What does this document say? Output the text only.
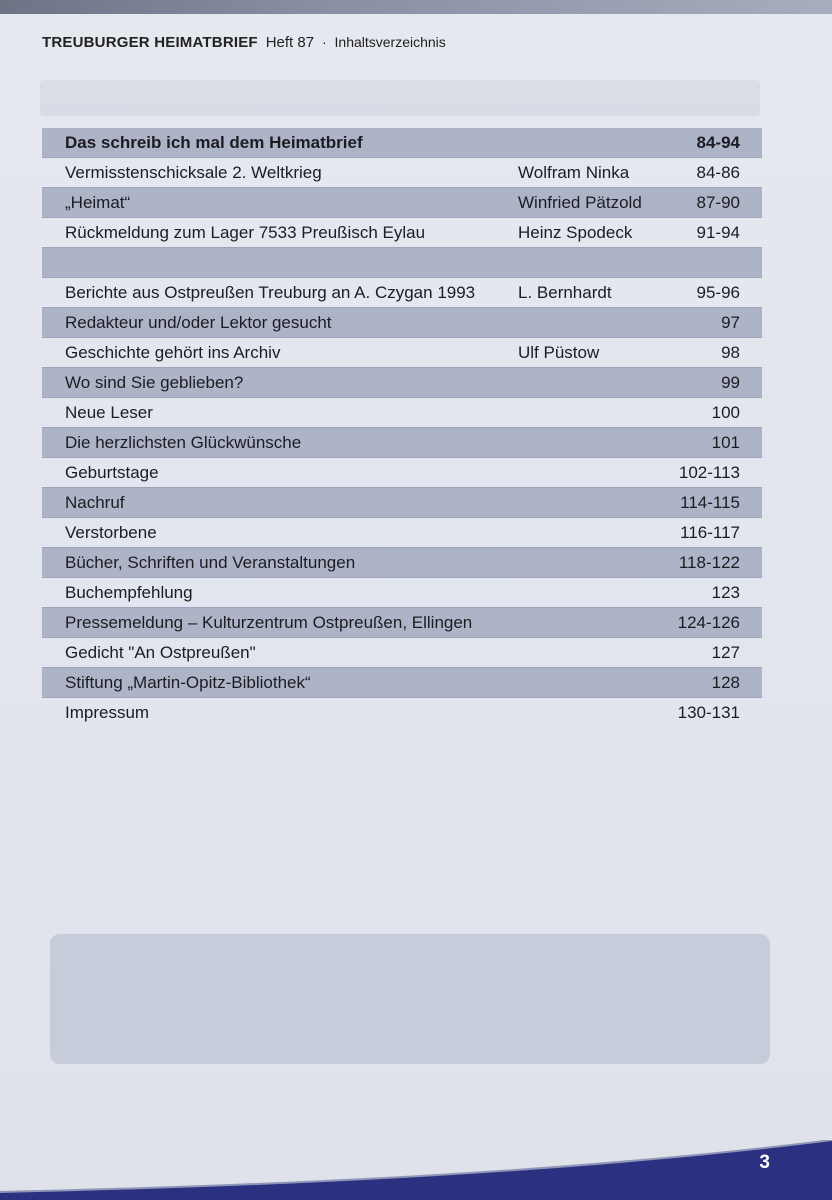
TREUBURGER HEIMATBRIEF Heft 87 · Inhaltsverzeichnis
Das schreib ich mal dem Heimatbrief	84-94
Vermisstenschicksale 2. Weltkrieg	Wolfram Ninka	84-86
„Heimat“	Winfried Pätzold	87-90
Rückmeldung zum Lager 7533 Preußisch Eylau	Heinz Spodeck	91-94
Berichte aus Ostpreußen Treuburg an A. Czygan 1993	L. Bernhardt	95-96
Redakteur und/oder Lektor gesucht	97
Geschichte gehört ins Archiv	Ulf Püstow	98
Wo sind Sie geblieben?	99
Neue Leser	100
Die herzlichsten Glückwünsche	101
Geburtstage	102-113
Nachruf	114-115
Verstorbene	116-117
Bücher, Schriften und Veranstaltungen	118-122
Buchempfehlung	123
Pressemeldung – Kulturzentrum Ostpreußen, Ellingen	124-126
Gedicht "An Ostpreußen"	127
Stiftung „Martin-Opitz-Bibliothek“	128
Impressum	130-131
3
